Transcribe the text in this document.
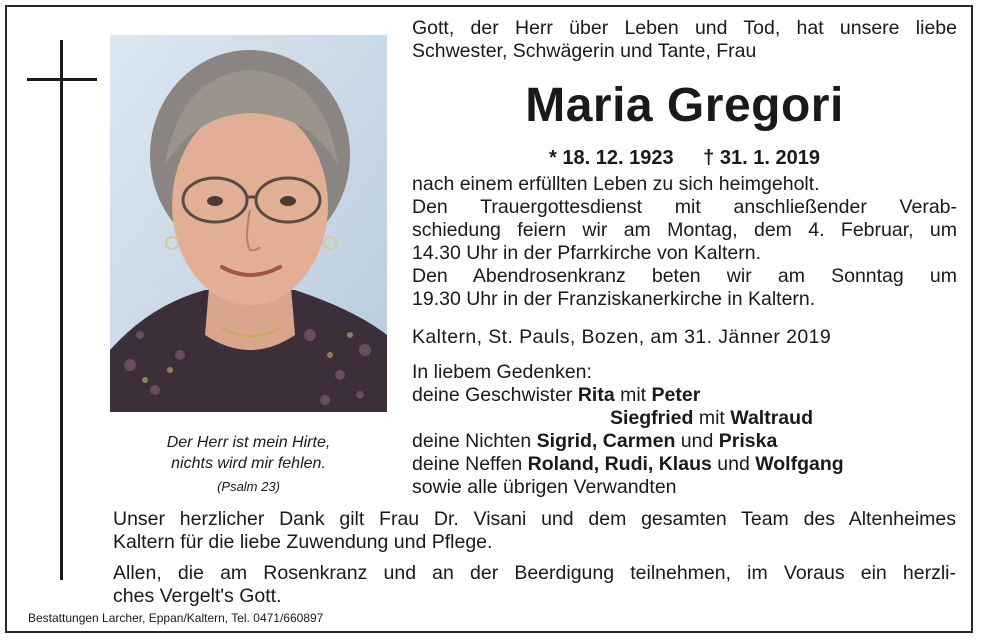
Der Herr ist mein Hirte,
nichts wird mir fehlen.
(Psalm 23)
Gott, der Herr über Leben und Tod, hat unsere liebe
Schwester, Schwägerin und Tante, Frau
Maria Gregori
* 18. 12. 1923 † 31. 1. 2019
nach einem erfüllten Leben zu sich heimgeholt.
Den Trauergottesdienst mit anschließender Verab-
schiedung feiern wir am Montag, dem 4. Februar, um
14.30 Uhr in der Pfarrkirche von Kaltern.
Den Abendrosenkranz beten wir am Sonntag um
19.30 Uhr in der Franziskanerkirche in Kaltern.
Kaltern, St. Pauls, Bozen, am 31. Jänner 2019
In liebem Gedenken:
deine Geschwister Rita mit Peter
Siegfried mit Waltraud
deine Nichten Sigrid, Carmen und Priska
deine Neffen Roland, Rudi, Klaus und Wolfgang
sowie alle übrigen Verwandten
Unser herzlicher Dank gilt Frau Dr. Visani und dem gesamten Team des Altenheimes
Kaltern für die liebe Zuwendung und Pflege.
Allen, die am Rosenkranz und an der Beerdigung teilnehmen, im Voraus ein herzli-
ches Vergelt's Gott.
Bestattungen Larcher, Eppan/Kaltern, Tel. 0471/660897
